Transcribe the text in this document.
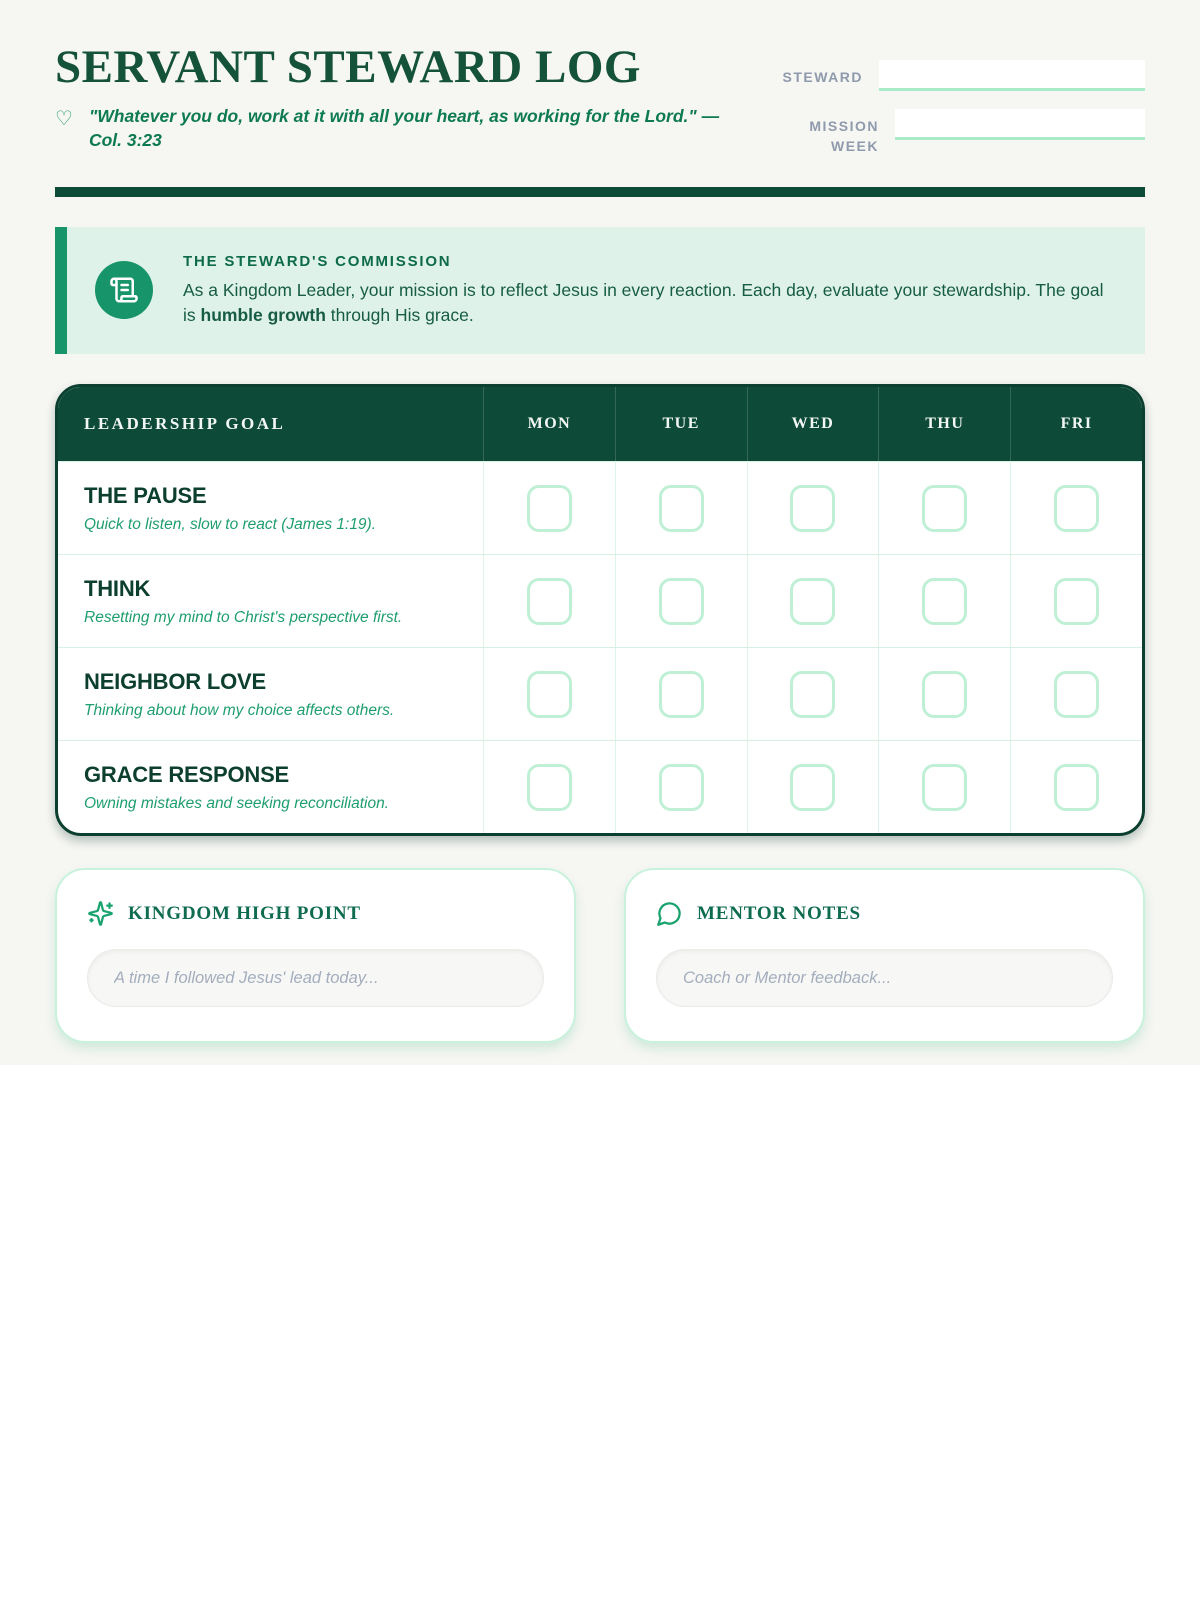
SERVANT STEWARD LOG
♡ "Whatever you do, work at it with all your heart, as working for the Lord." — Col. 3:23
STEWARD
MISSION WEEK
THE STEWARD'S COMMISSION
As a Kingdom Leader, your mission is to reflect Jesus in every reaction. Each day, evaluate your stewardship. The goal is humble growth through His grace.
LEADERSHIP GOAL	MON	TUE	WED	THU	FRI
THE PAUSE
Quick to listen, slow to react (James 1:19).
THINK
Resetting my mind to Christ's perspective first.
NEIGHBOR LOVE
Thinking about how my choice affects others.
GRACE RESPONSE
Owning mistakes and seeking reconciliation.
KINGDOM HIGH POINT
A time I followed Jesus' lead today...	MENTOR NOTES
Coach or Mentor feedback...
